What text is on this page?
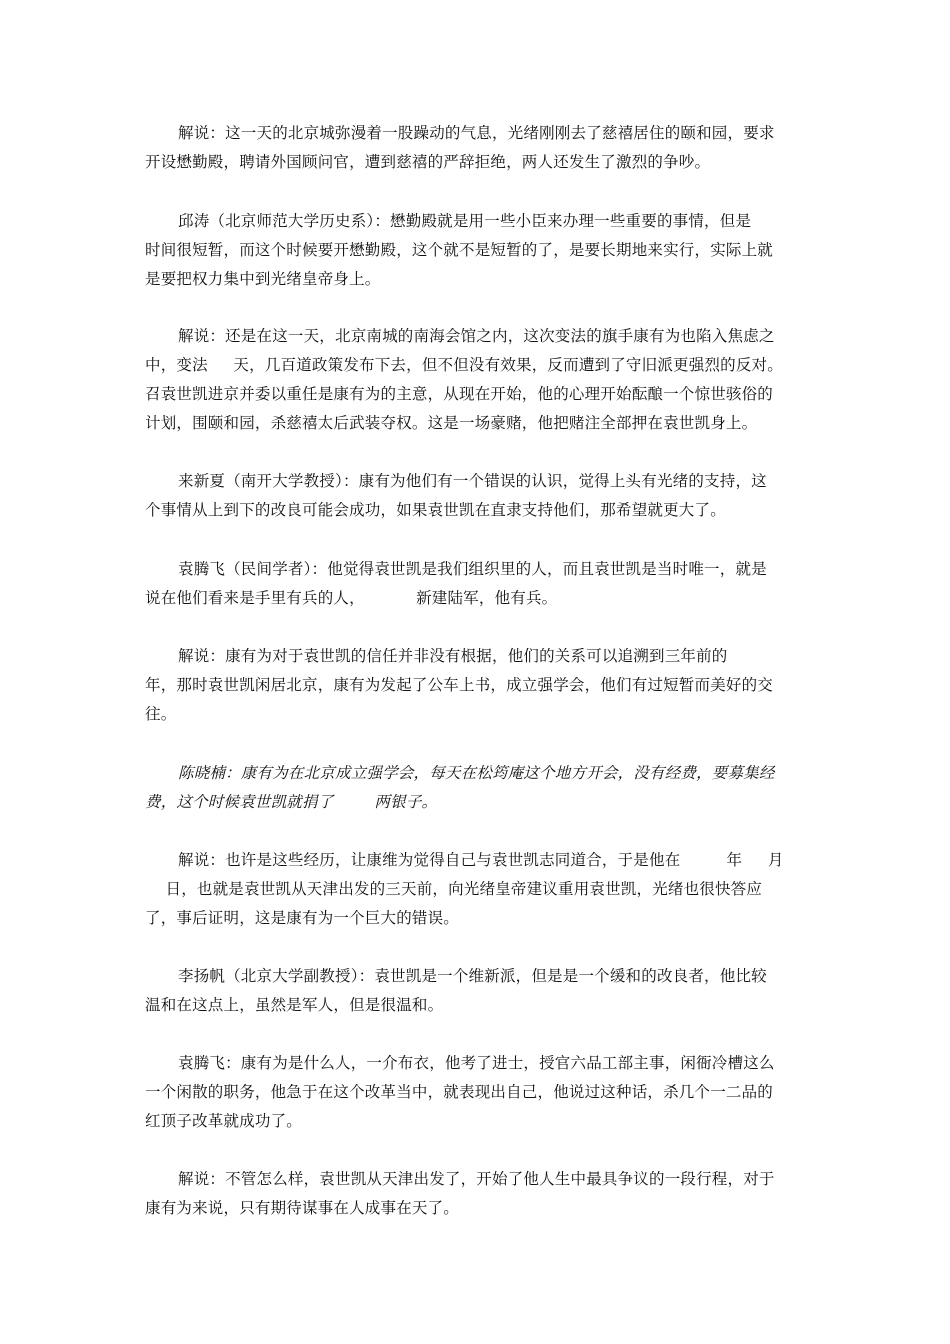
解说：这一天的北京城弥漫着一股躁动的气息，光绪刚刚去了慈禧居住的颐和园，要求
开设懋勤殿，聘请外国顾问官，遭到慈禧的严辞拒绝，两人还发生了激烈的争吵。
邱涛（北京师范大学历史系）：懋勤殿就是用一些小臣来办理一些重要的事情，但是
时间很短暂，而这个时候要开懋勤殿，这个就不是短暂的了，是要长期地来实行，实际上就
是要把权力集中到光绪皇帝身上。
解说：还是在这一天，北京南城的南海会馆之内，这次变法的旗手康有为也陷入焦虑之
中，变法     天，几百道政策发布下去，但不但没有效果，反而遭到了守旧派更强烈的反对。
召袁世凯进京并委以重任是康有为的主意，从现在开始，他的心理开始酝酿一个惊世骇俗的
计划，围颐和园，杀慈禧太后武装夺权。这是一场豪赌，他把赌注全部押在袁世凯身上。
来新夏（南开大学教授）：康有为他们有一个错误的认识，觉得上头有光绪的支持，这
个事情从上到下的改良可能会成功，如果袁世凯在直隶支持他们，那希望就更大了。
袁腾飞（民间学者）：他觉得袁世凯是我们组织里的人，而且袁世凯是当时唯一，就是
说在他们看来是手里有兵的人，          新建陆军，他有兵。
解说：康有为对于袁世凯的信任并非没有根据，他们的关系可以追溯到三年前的
年，那时袁世凯闲居北京，康有为发起了公车上书，成立强学会，他们有过短暂而美好的交
往。
陈晓楠：康有为在北京成立强学会，每天在松筠庵这个地方开会，没有经费，要募集经
费，这个时候袁世凯就捐了        两银子。
解说：也许是这些经历，让康维为觉得自己与袁世凯志同道合，于是他在         年     月
日，也就是袁世凯从天津出发的三天前，向光绪皇帝建议重用袁世凯，光绪也很快答应
了，事后证明，这是康有为一个巨大的错误。
李扬帆（北京大学副教授）：袁世凯是一个维新派，但是是一个缓和的改良者，他比较
温和在这点上，虽然是军人，但是很温和。
袁腾飞：康有为是什么人，一介布衣，他考了进士，授官六品工部主事，闲衙冷槽这么
一个闲散的职务，他急于在这个改革当中，就表现出自己，他说过这种话，杀几个一二品的
红顶子改革就成功了。
解说：不管怎么样，袁世凯从天津出发了，开始了他人生中最具争议的一段行程，对于
康有为来说，只有期待谋事在人成事在天了。
